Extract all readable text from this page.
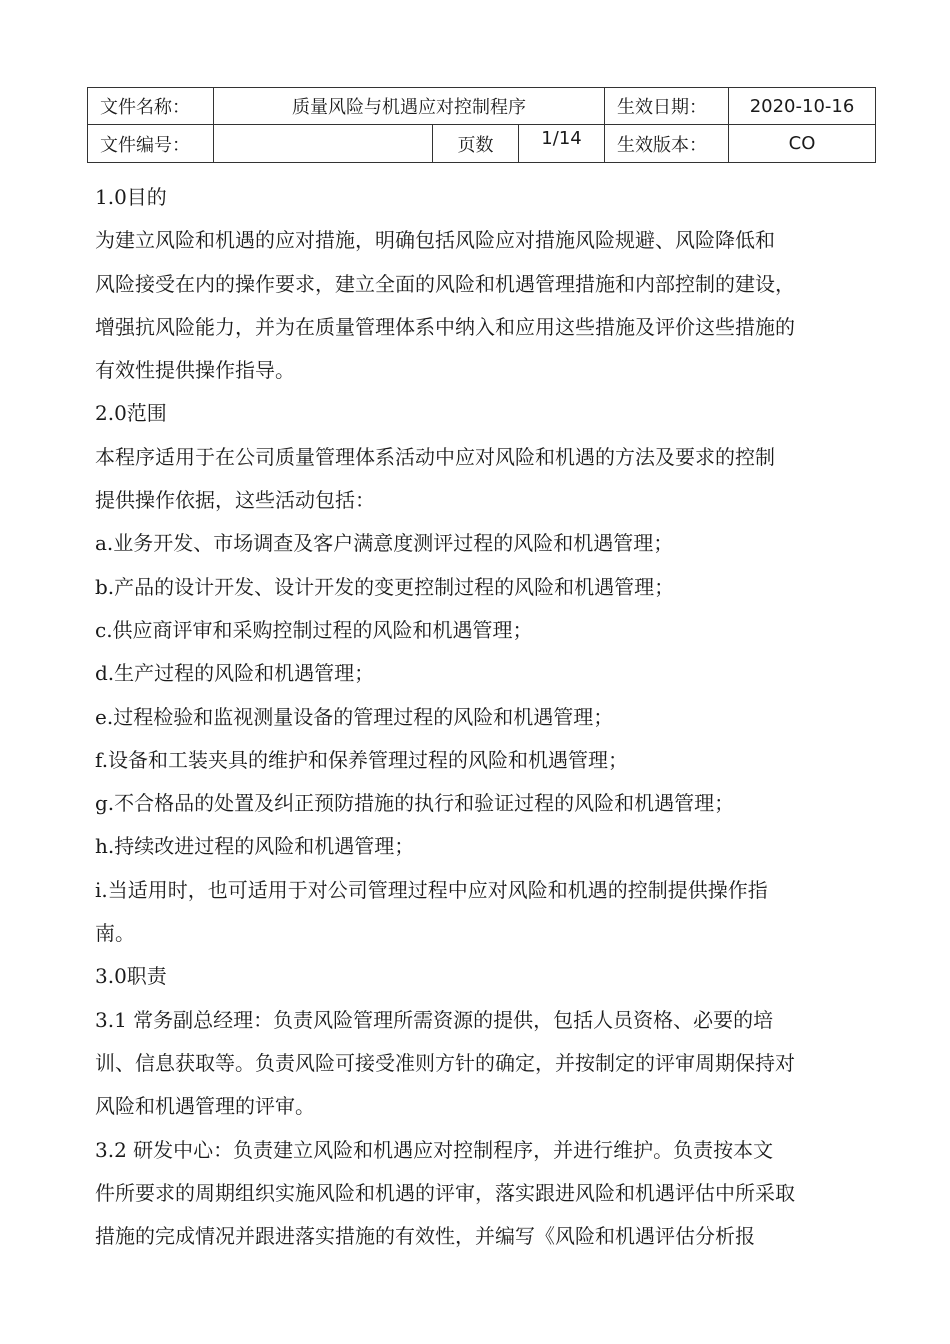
文件名称：	质量风险与机遇应对控制程序			生效日期：	2020-10-16
文件编号：		页数	1/14	生效版本：	CO

1.0目的

为建立风险和机遇的应对措施，明确包括风险应对措施风险规避、风险降低和

风险接受在内的操作要求，建立全面的风险和机遇管理措施和内部控制的建设，

增强抗风险能力，并为在质量管理体系中纳入和应用这些措施及评价这些措施的

有效性提供操作指导。

2.0范围

本程序适用于在公司质量管理体系活动中应对风险和机遇的方法及要求的控制

提供操作依据，这些活动包括：

a.业务开发、市场调查及客户满意度测评过程的风险和机遇管理；

b.产品的设计开发、设计开发的变更控制过程的风险和机遇管理；

c.供应商评审和采购控制过程的风险和机遇管理；

d.生产过程的风险和机遇管理；

e.过程检验和监视测量设备的管理过程的风险和机遇管理；

f.设备和工装夹具的维护和保养管理过程的风险和机遇管理；

g.不合格品的处置及纠正预防措施的执行和验证过程的风险和机遇管理；

h.持续改进过程的风险和机遇管理；

i.当适用时，也可适用于对公司管理过程中应对风险和机遇的控制提供操作指

南。

3.0职责

3.1 常务副总经理：负责风险管理所需资源的提供，包括人员资格、必要的培

训、信息获取等。负责风险可接受准则方针的确定，并按制定的评审周期保持对

风险和机遇管理的评审。

3.2 研发中心：负责建立风险和机遇应对控制程序，并进行维护。负责按本文

件所要求的周期组织实施风险和机遇的评审，落实跟进风险和机遇评估中所采取

措施的完成情况并跟进落实措施的有效性，并编写《风险和机遇评估分析报
